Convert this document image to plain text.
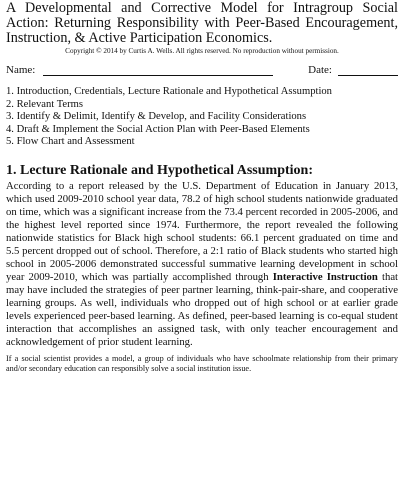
A Developmental and Corrective Model for Intragroup Social Action: Returning Responsibility with Peer-Based Encouragement, Instruction, & Active Participation Economics.
Copyright © 2014 by Curtis A. Wells. All rights reserved. No reproduction without permission.
Name:	Date:
1. Introduction, Credentials, Lecture Rationale and Hypothetical Assumption
2. Relevant Terms
3. Identify & Delimit, Identify & Develop, and Facility Considerations
4. Draft & Implement the Social Action Plan with Peer-Based Elements
5. Flow Chart and Assessment
1. Lecture Rationale and Hypothetical Assumption:

According to a report released by the U.S. Department of Education in January 2013, which used 2009-2010 school year data, 78.2 of high school students nationwide graduated on time, which was a significant increase from the 73.4 percent recorded in 2005-2006, and the highest level reported since 1974. Furthermore, the report revealed the following nationwide statistics for Black high school students: 66.1 percent graduated on time and 5.5 percent dropped out of school. Therefore, a 2:1 ratio of Black students who started high school in 2005-2006 demonstrated successful summative learning development in school year 2009-2010, which was partially accomplished through Interactive Instruction that may have included the strategies of peer partner learning, think-pair-share, and cooperative learning groups. As well, individuals who dropped out of high school or at earlier grade levels experienced peer-based learning. As defined, peer-based learning is co-equal student interaction that accomplishes an assigned task, with only teacher encouragement and acknowledgement of prior student learning.

If a social scientist provides a model, a group of individuals who have schoolmate relationship from their primary and/or secondary education can responsibly solve a social institution issue.
